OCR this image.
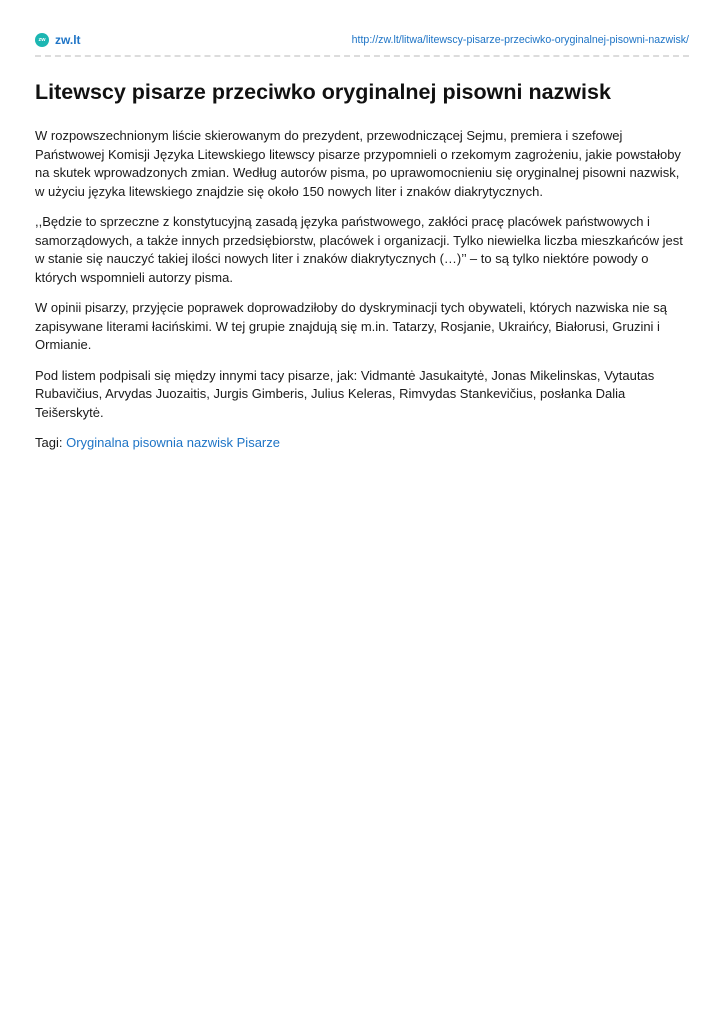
zw zw.lt	http://zw.lt/litwa/litewscy-pisarze-przeciwko-oryginalnej-pisowni-nazwisk/
Litewscy pisarze przeciwko oryginalnej pisowni nazwisk

W rozpowszechnionym liście skierowanym do prezydent, przewodniczącej Sejmu, premiera i szefowej Państwowej Komisji Języka Litewskiego litewscy pisarze przypomnieli o rzekomym zagrożeniu, jakie powstałoby na skutek wprowadzonych zmian. Według autorów pisma, po uprawomocnieniu się oryginalnej pisowni nazwisk, w użyciu języka litewskiego znajdzie się około 150 nowych liter i znaków diakrytycznych.

,,Będzie to sprzeczne z konstytucyjną zasadą języka państwowego, zakłóci pracę placówek państwowych i samorządowych, a także innych przedsiębiorstw, placówek i organizacji. Tylko niewielka liczba mieszkańców jest w stanie się nauczyć takiej ilości nowych liter i znaków diakrytycznych (…)’’ – to są tylko niektóre powody o których wspomnieli autorzy pisma.

W opinii pisarzy, przyjęcie poprawek doprowadziłoby do dyskryminacji tych obywateli, których nazwiska nie są zapisywane literami łacińskimi. W tej grupie znajdują się m.in. Tatarzy, Rosjanie, Ukraińcy, Białorusi, Gruzini i Ormianie.

Pod listem podpisali się między innymi tacy pisarze, jak: Vidmantė Jasukaitytė, Jonas Mikelinskas, Vytautas Rubavičius, Arvydas Juozaitis, Jurgis Gimberis, Julius Keleras, Rimvydas Stankevičius, posłanka Dalia Teišerskytė.

Tagi: Oryginalna pisownia nazwisk Pisarze
